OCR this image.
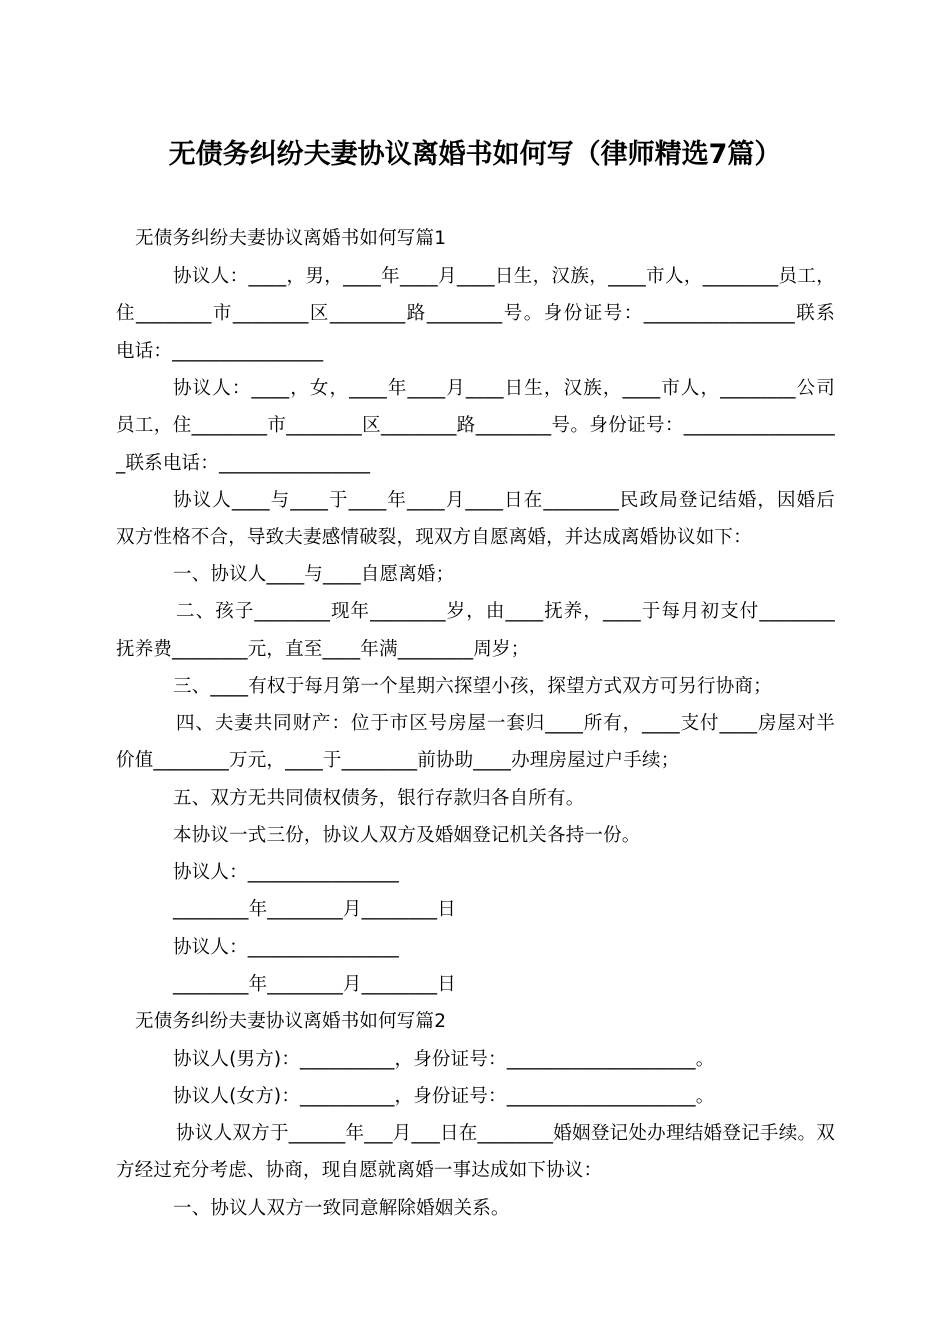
无债务纠纷夫妻协议离婚书如何写（律师精选7篇）
无债务纠纷夫妻协议离婚书如何写篇1
协议人：____，男，____年____月____日生，汉族，____市人，________员工，
住________市________区________路________号。身份证号：________________联系
电话：________________
协议人：____，女，____年____月____日生，汉族，____市人，________公司
员工，住________市________区________路________号。身份证号：________________
_联系电话：________________
协议人____与____于____年____月____日在________民政局登记结婚，因婚后
双方性格不合，导致夫妻感情破裂，现双方自愿离婚，并达成离婚协议如下：
一、协议人____与____自愿离婚；
二、孩子________现年________岁，由____抚养，____于每月初支付________
抚养费________元，直至____年满________周岁；
三、____有权于每月第一个星期六探望小孩，探望方式双方可另行协商；
四、夫妻共同财产：位于市区号房屋一套归____所有，____支付____房屋对半
价值________万元，____于________前协助____办理房屋过户手续；
五、双方无共同债权债务，银行存款归各自所有。
本协议一式三份，协议人双方及婚姻登记机关各持一份。
协议人：________________
________年________月________日
协议人：________________
________年________月________日
无债务纠纷夫妻协议离婚书如何写篇2
协议人(男方)：__________，身份证号：____________________。
协议人(女方)：__________，身份证号：____________________。
协议人双方于______年___月___日在________婚姻登记处办理结婚登记手续。双
方经过充分考虑、协商，现自愿就离婚一事达成如下协议：
一、协议人双方一致同意解除婚姻关系。
